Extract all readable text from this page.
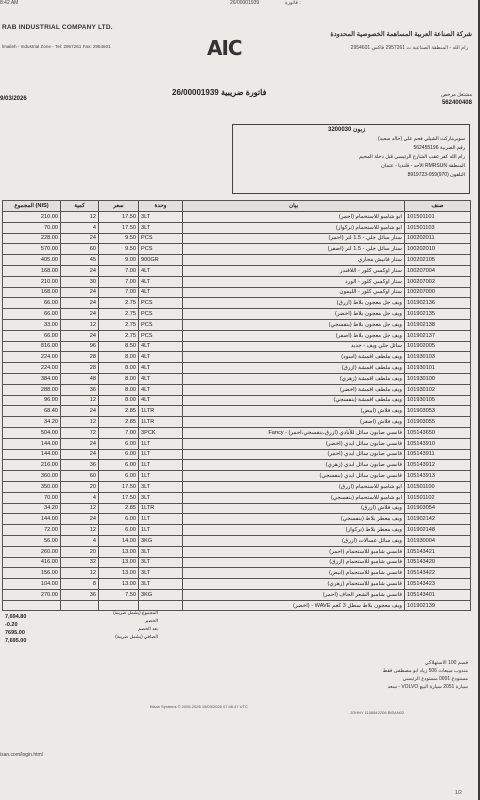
8:42 AM	26/00001939	فاتورة :
RAB INDUSTRIAL COMPANY LTD.
lmaileh - Industrial Zone - Tel: 2957261 Fax: 2954601	AIC
شركة الصناعة العربية المساهمة الخصوصية المحدودة
رام الله - المنطقة الصناعية ت 2957261 فاكس 2954601
26/00001939 فاتورة ضريبية
9/03/2026
مشتغل مرخص
562400408
3200030 زبون
سوبرماركت الشيلي فحم علي (خالد سعيد)
رقم الضريبة 562455196
رام الله كفر عقب الشارع الرئيسي قبل دخلة المخيم
المنطقة RMRSUN الأحد - قلنديا - عثمان
التلفون (970)059-8919723
المجموع (NIS)	كمية	سعر	وحدة	بيان	صنف
210.00	12	17.50	3LT	ابو شامبو للاستحمام (احمر)	101501101
70.00	4	17.50	3LT	ابو شامبو للاستحمام (تركواز)	101501103
228.00	24	9.50	PCS	ستار سائل جلي - 1.5 لتر (احمر)	100202011
570.00	60	9.50	PCS	ستار سائل جلي - 1.5 لتر (اصفر)	100202010
405.00	45	9.00	900GR	ستار فانيش مجاري	100202105
168.00	24	7.00	4LT	ستار اوكسي كلور - اللافندر	100207004
210.00	30	7.00	4LT	ستار اوكسي كلور - الورد	100207002
168.00	24	7.00	4LT	ستار اوكسي كلور - الليمون	100207000
66.00	24	2.75	PCS	ويف جل معجون بلاط (ازرق)	101902136
66.00	24	2.75	PCS	ويف جل معجون بلاط (اخضر)	101902135
33.00	12	2.75	PCS	ويف جل معجون بلاط (بنفسجي)	101902138
66.00	24	2.75	PCS	ويف جل معجون بلاط (اصفر)	101902137
816.00	96	8.50	4LT	سائل جلي ويف - جديد	101902005
224.00	28	8.00	4LT	ويف ملطف اقمشة (اسود)	101930103
224.00	28	8.00	4LT	ويف ملطف اقمشة (ازرق)	101930101
384.00	48	8.00	4LT	ويف ملطف اقمشة (زهري)	101930100
288.00	36	8.00	4LT	ويف ملطف اقمشة (اخضر)	101930102
96.00	12	8.00	4LT	ويف ملطف اقمشة (بنفسجي)	101930105
68.40	24	2.85	1LTR	ويف فلاش (ابيض)	101903053
34.20	12	2.85	1LTR	ويف فلاش (اصفر)	101903055
504.00	72	7.00	3PCK	فانسي صابون سائل للأيادي (ازرق،بنفسجي،احمر) - Fancy	105143650
144.00	24	6.00	1LT	فانسي صابون سائل ايدي (اخضر)	105143910
144.00	24	6.00	1LT	فانسي صابون سائل ايدي (احمر)	105143911
216.00	36	6.00	1LT	فانسي صابون سائل ايدي (زهري)	105143912
360.00	60	6.00	1LT	فانسي صابون سائل ايدي (بنفسجي)	105143913
350.00	20	17.50	3LT	ابو شامبو للاستحمام (ازرق)	101501100
70.00	4	17.50	3LT	ابو شامبو للاستحمام (بنفسجي)	101501102
34.20	12	2.85	1LTR	ويف فلاش (ازرق)	101903054
144.00	24	6.00	1LT	ويف معطر بلاط (بنفسجي)	101902142
72.00	12	6.00	1LT	ويف معطر بلاط (تركواز)	101902148
56.00	4	14.00	3KG	ويف سائل غسالات (ازرق)	101930004
260.00	20	13.00	3LT	فانسي شامبو للاستحمام (احمر)	105143421
416.00	32	13.00	3LT	فانسي شامبو للاستحمام (ازرق)	105143420
156.00	12	13.00	3LT	فانسي شامبو للاستحمام (ابيض)	105143422
104.00	8	13.00	3LT	فانسي شامبو للاستحمام (زهري)	105143423
270.00	36	7.50	3KG	فانسي شامبو الشعر الجاف (احمر)	105143401
				ويف معجون بلاط سطل 3 كغم WAVE - (اخضر)	101902139
المجموع (يشمل ضريبة)
7,694.80
الخصم
-0.20
بعد الخصم
7695.00
الصافي (يشمل ضريبة)
7,695.00
قسم 100 الاستهلاكي
مندوب مبيعات 506 زياد ابو مصطفى فقط
مستودع 0001 مستودع الرئيسي
سيارة 2051 سيارة البيع VOLVO - سعد
Bisan Systems © 2005-2026 19/03/2026 07:46:47 UTC
JOHNY 1108842206 BISAN02
isan.com/login.html
1/2
